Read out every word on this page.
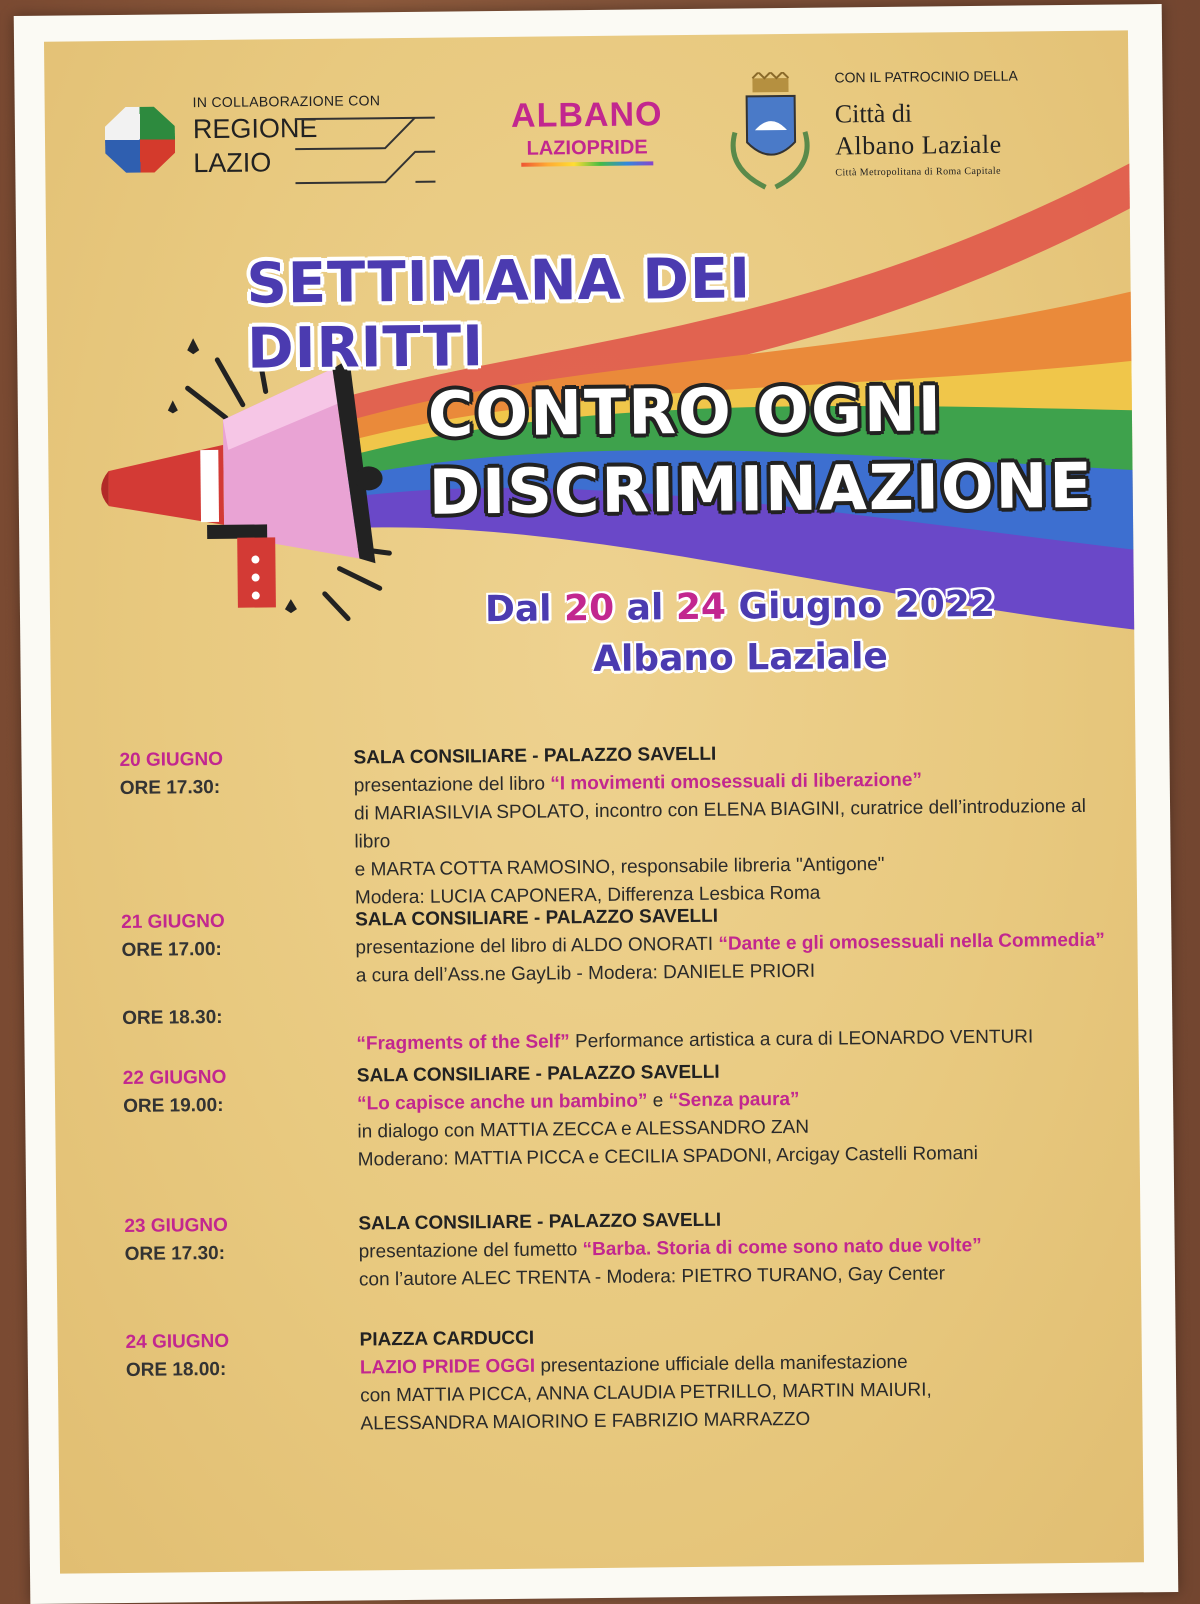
IN COLLABORAZIONE CON
REGIONE
LAZIO
ALBANO
LAZIOPRIDE
CON IL PATROCINIO DELLA
Città di
Albano Laziale
Città Metropolitana di Roma Capitale
SETTIMANA DEI DIRITTI
CONTRO OGNI
DISCRIMINAZIONE
Dal 20 al 24 Giugno 2022
Albano Laziale
20 GIUGNO
ORE 17.30:
SALA CONSILIARE - PALAZZO SAVELLI
presentazione del libro “I movimenti omosessuali di liberazione”
di MARIASILVIA SPOLATO, incontro con ELENA BIAGINI, curatrice dell’introduzione al libro
e MARTA COTTA RAMOSINO, responsabile libreria "Antigone"
Modera: LUCIA CAPONERA, Differenza Lesbica Roma
21 GIUGNO
ORE 17.00:
ORE 18.30:
SALA CONSILIARE - PALAZZO SAVELLI
presentazione del libro di ALDO ONORATI “Dante e gli omosessuali nella Commedia”
a cura dell’Ass.ne GayLib - Modera: DANIELE PRIORI
“Fragments of the Self” Performance artistica a cura di LEONARDO VENTURI
22 GIUGNO
ORE 19.00:
SALA CONSILIARE - PALAZZO SAVELLI
“Lo capisce anche un bambino” e “Senza paura”
in dialogo con MATTIA ZECCA e ALESSANDRO ZAN
Moderano: MATTIA PICCA e CECILIA SPADONI, Arcigay Castelli Romani
23 GIUGNO
ORE 17.30:
SALA CONSILIARE - PALAZZO SAVELLI
presentazione del fumetto “Barba. Storia di come sono nato due volte”
con l’autore ALEC TRENTA - Modera: PIETRO TURANO, Gay Center
24 GIUGNO
ORE 18.00:
PIAZZA CARDUCCI
LAZIO PRIDE OGGI presentazione ufficiale della manifestazione
con MATTIA PICCA, ANNA CLAUDIA PETRILLO, MARTIN MAIURI,
ALESSANDRA MAIORINO E FABRIZIO MARRAZZO
